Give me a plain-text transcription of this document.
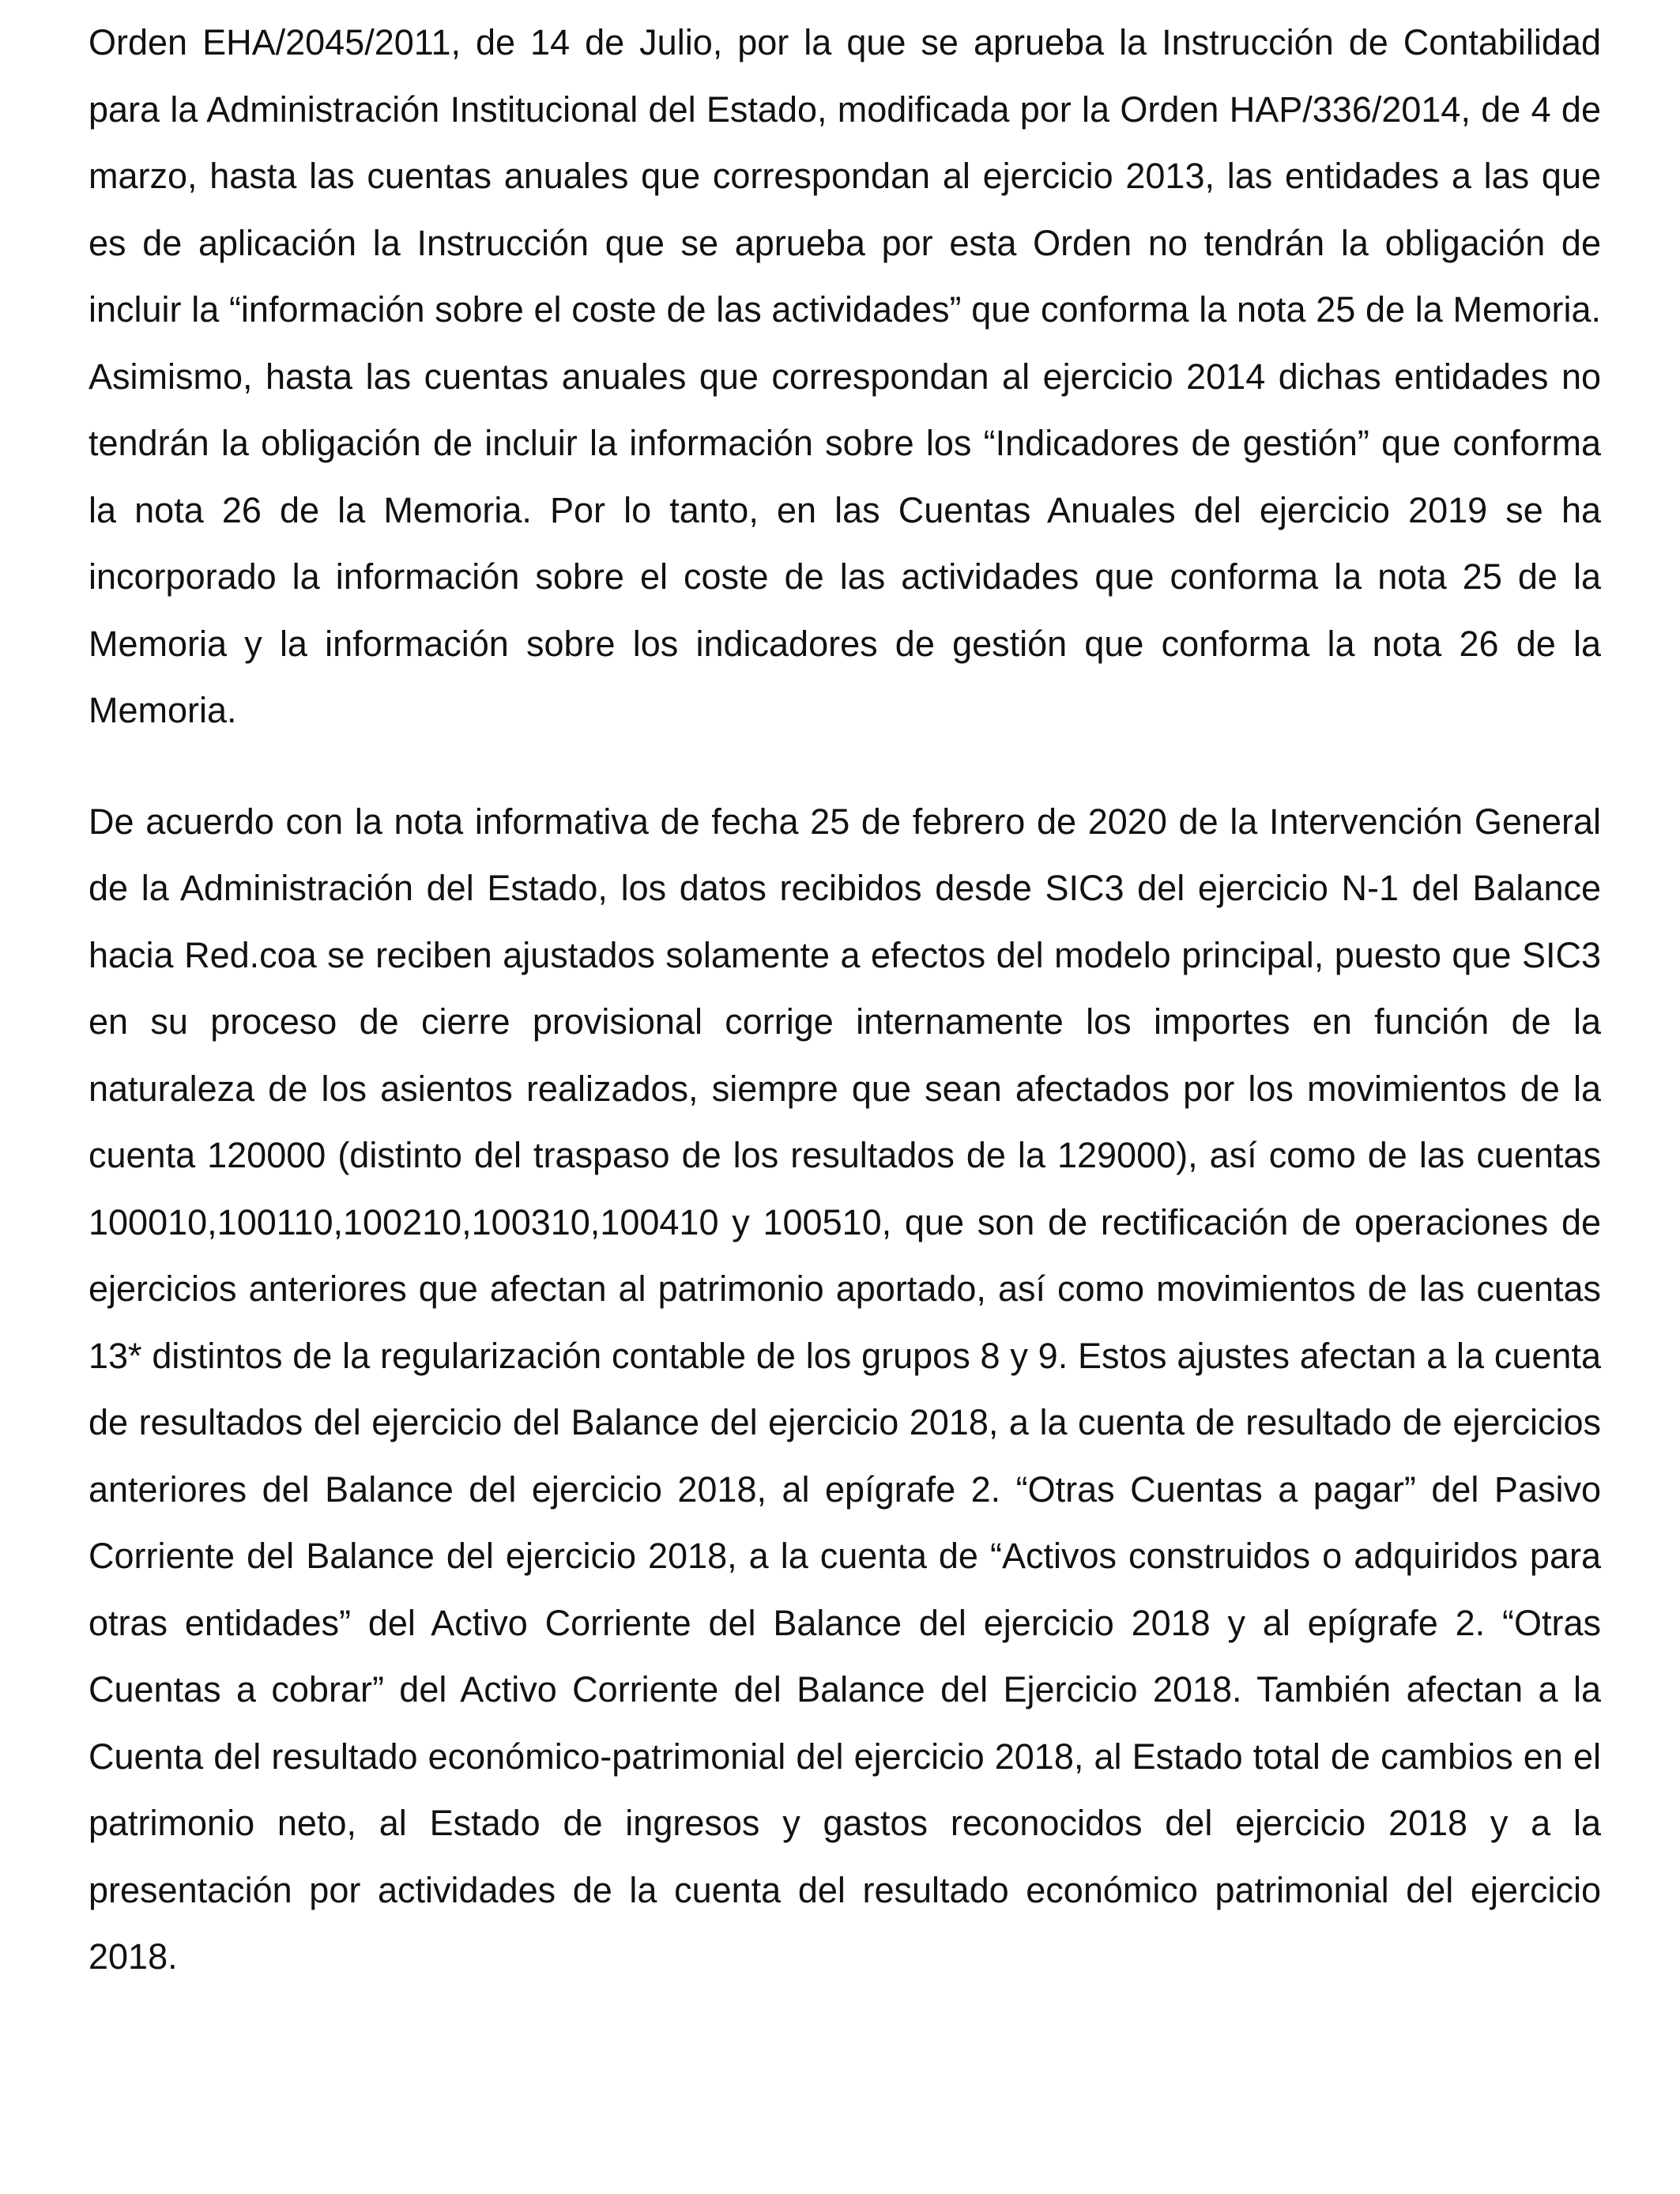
Orden EHA/2045/2011, de 14 de Julio, por la que se aprueba la Instrucción de Contabilidad para la Administración Institucional del Estado, modificada por la Orden HAP/336/2014, de 4 de marzo, hasta las cuentas anuales que correspondan al ejercicio 2013, las entidades a las que es de aplicación la Instrucción que se aprueba por esta Orden no tendrán la obligación de incluir la “información sobre el coste de las actividades” que conforma la nota 25 de la Memoria. Asimismo, hasta las cuentas anuales que correspondan al ejercicio 2014 dichas entidades no tendrán la obligación de incluir la información sobre los “Indicadores de gestión” que conforma la nota 26 de la Memoria. Por lo tanto, en las Cuentas Anuales del ejercicio 2019 se ha incorporado la información sobre el coste de las actividades que conforma la nota 25 de la Memoria y la información sobre los indicadores de gestión que conforma la nota 26 de la Memoria.

De acuerdo con la nota informativa de fecha 25 de febrero de 2020 de la Intervención General de la Administración del Estado, los datos recibidos desde SIC3 del ejercicio N-1 del Balance hacia Red.coa se reciben ajustados solamente a efectos del modelo principal, puesto que SIC3 en su proceso de cierre provisional corrige internamente los importes en función de la naturaleza de los asientos realizados, siempre que sean afectados por los movimientos de la cuenta 120000 (distinto del traspaso de los resultados de la 129000), así como de las cuentas 100010,100110,100210,100310,100410 y 100510, que son de rectificación de operaciones de ejercicios anteriores que afectan al patrimonio aportado, así como movimientos de las cuentas 13* distintos de la regularización contable de los grupos 8 y 9. Estos ajustes afectan a la cuenta de resultados del ejercicio del Balance del ejercicio 2018, a la cuenta de resultado de ejercicios anteriores del Balance del ejercicio 2018, al epígrafe 2. “Otras Cuentas a pagar” del Pasivo Corriente del Balance del ejercicio 2018, a la cuenta de “Activos construidos o adquiridos para otras entidades” del Activo Corriente del Balance del ejercicio 2018 y al epígrafe 2. “Otras Cuentas a cobrar” del Activo Corriente del Balance del Ejercicio 2018. También afectan a la Cuenta del resultado económico-patrimonial del ejercicio 2018, al Estado total de cambios en el patrimonio neto, al Estado de ingresos y gastos reconocidos del ejercicio 2018 y a la presentación por actividades de la cuenta del resultado económico patrimonial del ejercicio 2018.
